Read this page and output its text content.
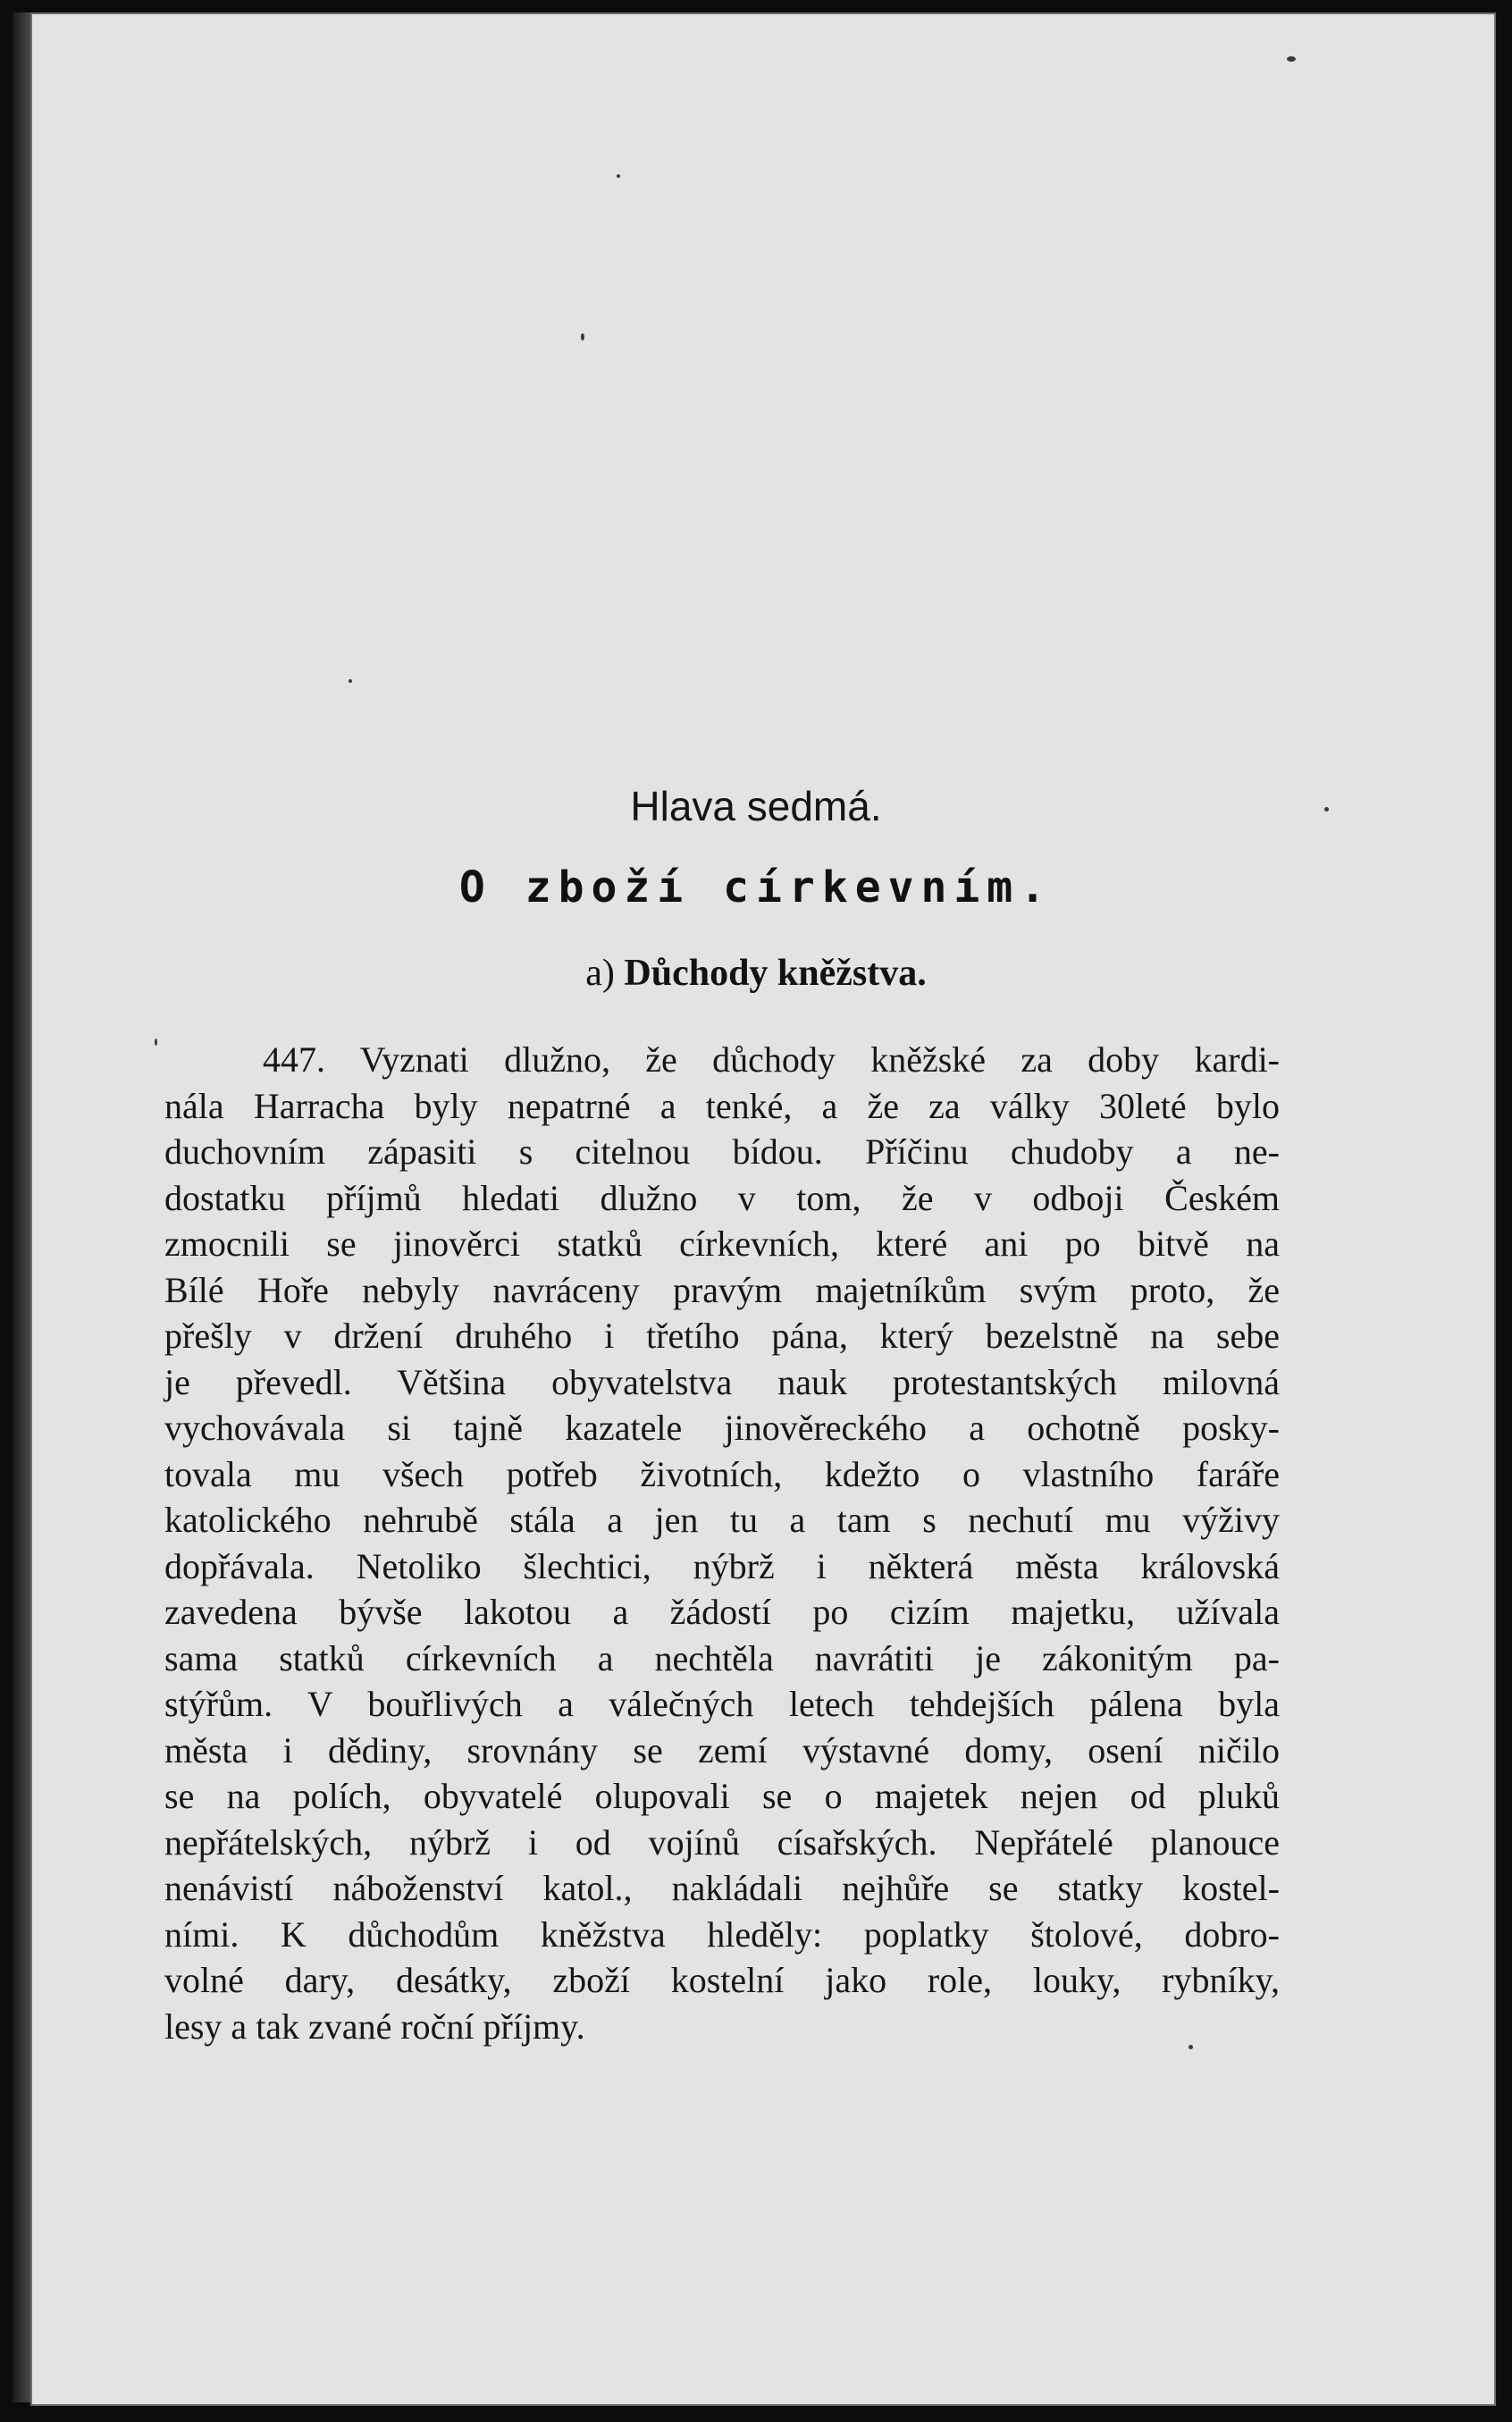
Hlava sedmá.
O zboží církevním.
a) Důchody kněžstva.
447. Vyznati dlužno, že důchody kněžské za doby kardi-
nála Harracha byly nepatrné a tenké, a že za války 30leté bylo
duchovním zápasiti s citelnou bídou. Příčinu chudoby a ne-
dostatku příjmů hledati dlužno v tom, že v odboji Českém
zmocnili se jinověrci statků církevních, které ani po bitvě na
Bílé Hoře nebyly navráceny pravým majetníkům svým proto, že
přešly v držení druhého i třetího pána, který bezelstně na sebe
je převedl. Většina obyvatelstva nauk protestantských milovná
vychovávala si tajně kazatele jinověreckého a ochotně posky-
tovala mu všech potřeb životních, kdežto o vlastního faráře
katolického nehrubě stála a jen tu a tam s nechutí mu výživy
dopřávala. Netoliko šlechtici, nýbrž i některá města královská
zavedena bývše lakotou a žádostí po cizím majetku, užívala
sama statků církevních a nechtěla navrátiti je zákonitým pa-
stýřům. V bouřlivých a válečných letech tehdejších pálena byla
města i dědiny, srovnány se zemí výstavné domy, osení ničilo
se na polích, obyvatelé olupovali se o majetek nejen od pluků
nepřátelských, nýbrž i od vojínů císařských. Nepřátelé planouce
nenávistí náboženství katol., nakládali nejhůře se statky kostel-
ními. K důchodům kněžstva hleděly: poplatky štolové, dobro-
volné dary, desátky, zboží kostelní jako role, louky, rybníky,
lesy a tak zvané roční příjmy.
